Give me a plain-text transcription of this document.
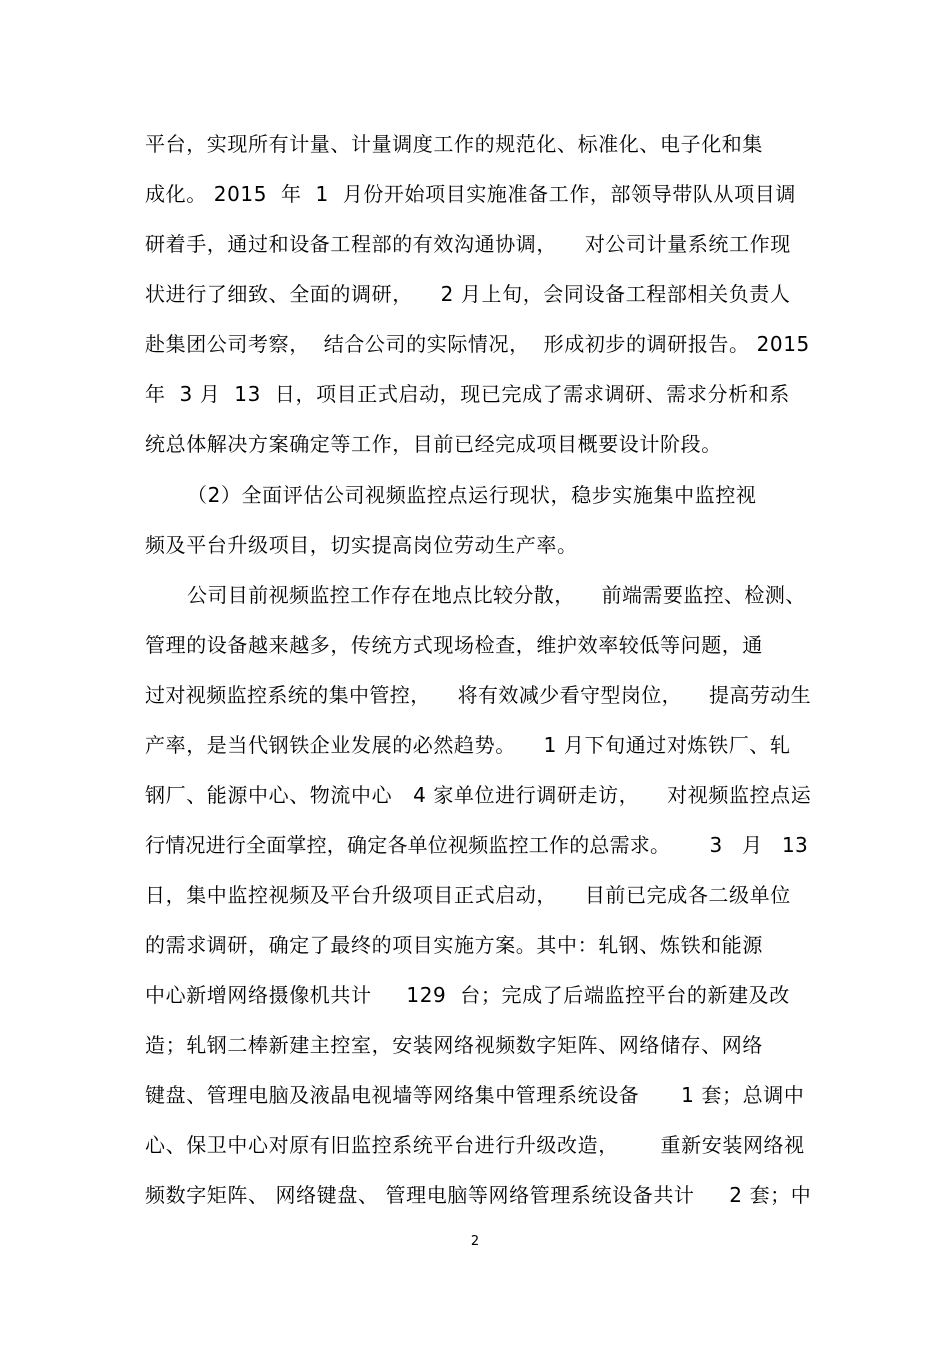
平台，实现所有计量、计量调度工作的规范化、标准化、电子化和集
成化。 2015  年  1  月份开始项目实施准备工作，部领导带队从项目调
研着手，通过和设备工程部的有效沟通协调，    对公司计量系统工作现
状进行了细致、全面的调研，    2 月上旬，会同设备工程部相关负责人
赴集团公司考察，  结合公司的实际情况，  形成初步的调研报告。 2015
年  3 月  13  日，项目正式启动，现已完成了需求调研、需求分析和系
统总体解决方案确定等工作，目前已经完成项目概要设计阶段。
（2）全面评估公司视频监控点运行现状，稳步实施集中监控视
频及平台升级项目，切实提高岗位劳动生产率。
公司目前视频监控工作存在地点比较分散，    前端需要监控、检测、
管理的设备越来越多，传统方式现场检查，维护效率较低等问题，通
过对视频监控系统的集中管控，    将有效减少看守型岗位，    提高劳动生
产率，是当代钢铁企业发展的必然趋势。    1 月下旬通过对炼铁厂、轧
钢厂、能源中心、物流中心   4 家单位进行调研走访，    对视频监控点运
行情况进行全面掌控，确定各单位视频监控工作的总需求。      3   月   13
日，集中监控视频及平台升级项目正式启动，    目前已完成各二级单位
的需求调研，确定了最终的项目实施方案。其中：轧钢、炼铁和能源
中心新增网络摄像机共计     129  台；完成了后端监控平台的新建及改
造；轧钢二棒新建主控室，安装网络视频数字矩阵、网络储存、网络
键盘、管理电脑及液晶电视墙等网络集中管理系统设备      1 套；总调中
心、保卫中心对原有旧监控系统平台进行升级改造，      重新安装网络视
频数字矩阵、 网络键盘、 管理电脑等网络管理系统设备共计     2 套；中
2
